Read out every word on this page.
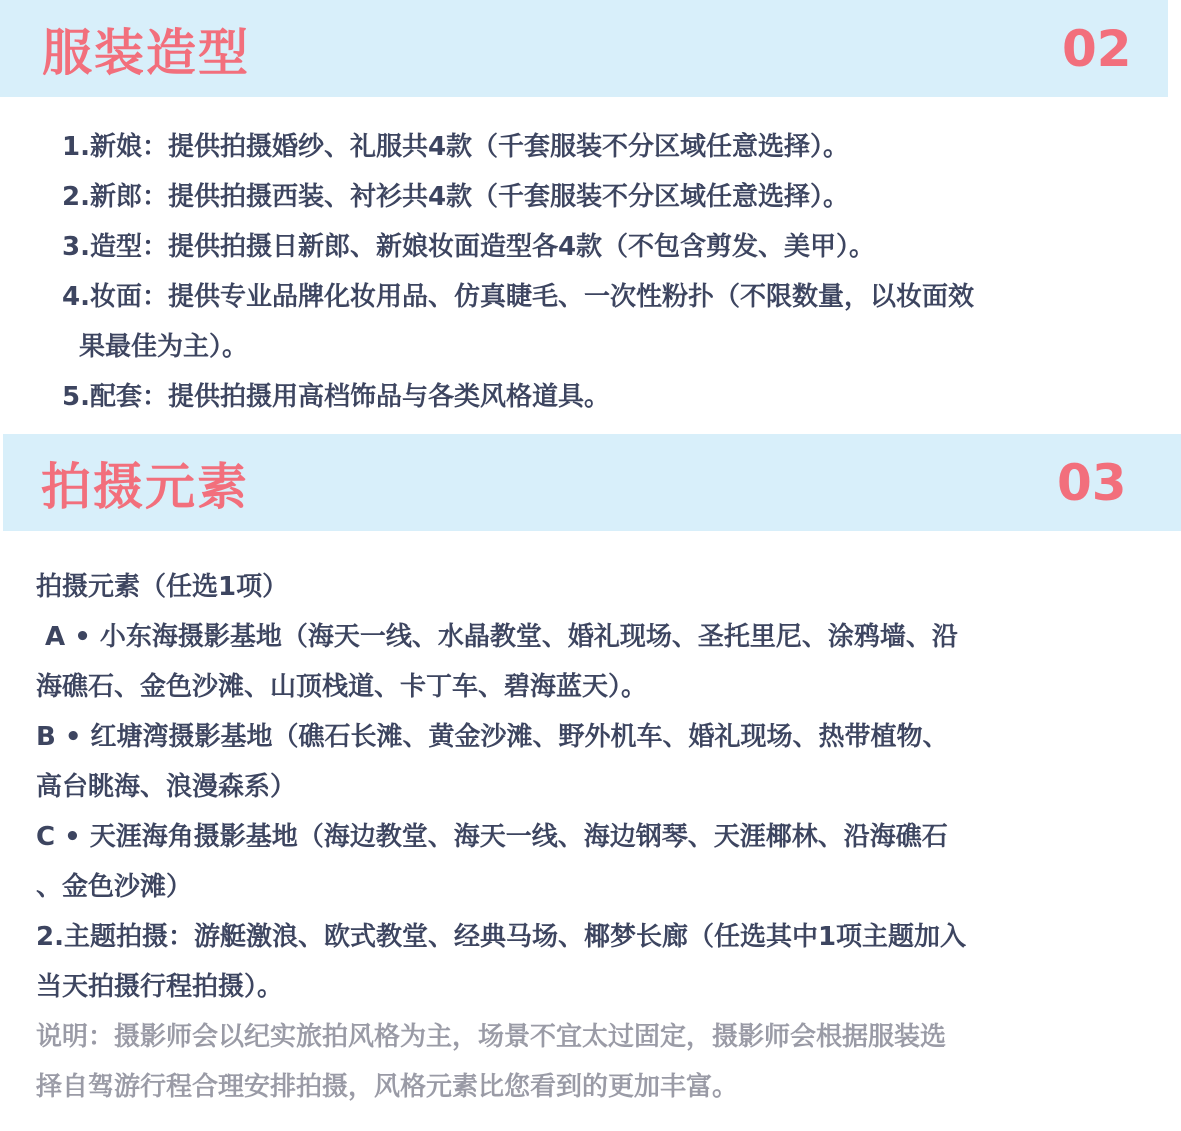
服装造型	02
1.新娘：提供拍摄婚纱、礼服共4款（千套服装不分区域任意选择）。
2.新郎：提供拍摄西装、衬衫共4款（千套服装不分区域任意选择）。
3.造型：提供拍摄日新郎、新娘妆面造型各4款（不包含剪发、美甲）。
4.妆面：提供专业品牌化妆用品、仿真睫毛、一次性粉扑（不限数量，以妆面效
果最佳为主）。
5.配套：提供拍摄用高档饰品与各类风格道具。
拍摄元素	03
拍摄元素（任选1项）
A • 小东海摄影基地（海天一线、水晶教堂、婚礼现场、圣托里尼、涂鸦墙、沿
海礁石、金色沙滩、山顶栈道、卡丁车、碧海蓝天）。
B • 红塘湾摄影基地（礁石长滩、黄金沙滩、野外机车、婚礼现场、热带植物、
高台眺海、浪漫森系）
C • 天涯海角摄影基地（海边教堂、海天一线、海边钢琴、天涯椰林、沿海礁石
、金色沙滩）
2.主题拍摄：游艇激浪、欧式教堂、经典马场、椰梦长廊（任选其中1项主题加入
当天拍摄行程拍摄）。
说明：摄影师会以纪实旅拍风格为主，场景不宜太过固定，摄影师会根据服装选
择自驾游行程合理安排拍摄，风格元素比您看到的更加丰富。
